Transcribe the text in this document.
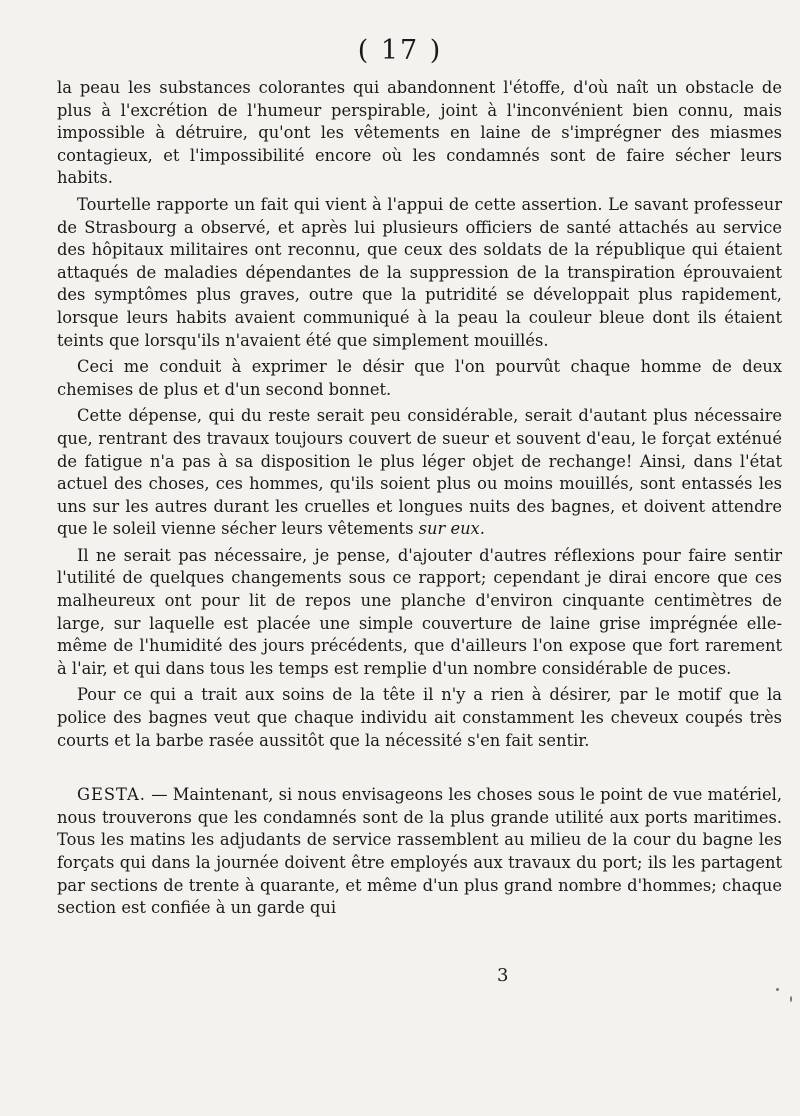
( 17 )

la peau les substances colorantes qui abandonnent l'étoffe, d'où naît un obstacle de plus à l'excrétion de l'humeur perspirable, joint à l'inconvénient bien connu, mais impossible à détruire, qu'ont les vêtements en laine de s'imprégner des miasmes contagieux, et l'impossibilité encore où les condamnés sont de faire sécher leurs habits.

Tourtelle rapporte un fait qui vient à l'appui de cette assertion. Le savant professeur de Strasbourg a observé, et après lui plusieurs officiers de santé attachés au service des hôpitaux militaires ont reconnu, que ceux des soldats de la république qui étaient attaqués de maladies dépendantes de la suppression de la transpiration éprouvaient des symptômes plus graves, outre que la putridité se développait plus rapidement, lorsque leurs habits avaient communiqué à la peau la couleur bleue dont ils étaient teints que lorsqu'ils n'avaient été que simplement mouillés.

Ceci me conduit à exprimer le désir que l'on pourvût chaque homme de deux chemises de plus et d'un second bonnet.

Cette dépense, qui du reste serait peu considérable, serait d'autant plus nécessaire que, rentrant des travaux toujours couvert de sueur et souvent d'eau, le forçat exténué de fatigue n'a pas à sa disposition le plus léger objet de rechange! Ainsi, dans l'état actuel des choses, ces hommes, qu'ils soient plus ou moins mouillés, sont entassés les uns sur les autres durant les cruelles et longues nuits des bagnes, et doivent attendre que le soleil vienne sécher leurs vêtements sur eux.

Il ne serait pas nécessaire, je pense, d'ajouter d'autres réflexions pour faire sentir l'utilité de quelques changements sous ce rapport; cependant je dirai encore que ces malheureux ont pour lit de repos une planche d'environ cinquante centimètres de large, sur laquelle est placée une simple couverture de laine grise imprégnée elle-même de l'humidité des jours précédents, que d'ailleurs l'on expose que fort rarement à l'air, et qui dans tous les temps est remplie d'un nombre considérable de puces.

Pour ce qui a trait aux soins de la tête il n'y a rien à désirer, par le motif que la police des bagnes veut que chaque individu ait constamment les cheveux coupés très courts et la barbe rasée aussitôt que la nécessité s'en fait sentir.

GESTA. — Maintenant, si nous envisageons les choses sous le point de vue matériel, nous trouverons que les condamnés sont de la plus grande utilité aux ports maritimes. Tous les matins les adjudants de service rassemblent au milieu de la cour du bagne les forçats qui dans la journée doivent être employés aux travaux du port; ils les partagent par sections de trente à quarante, et même d'un plus grand nombre d'hommes; chaque section est confiée à un garde qui

3
